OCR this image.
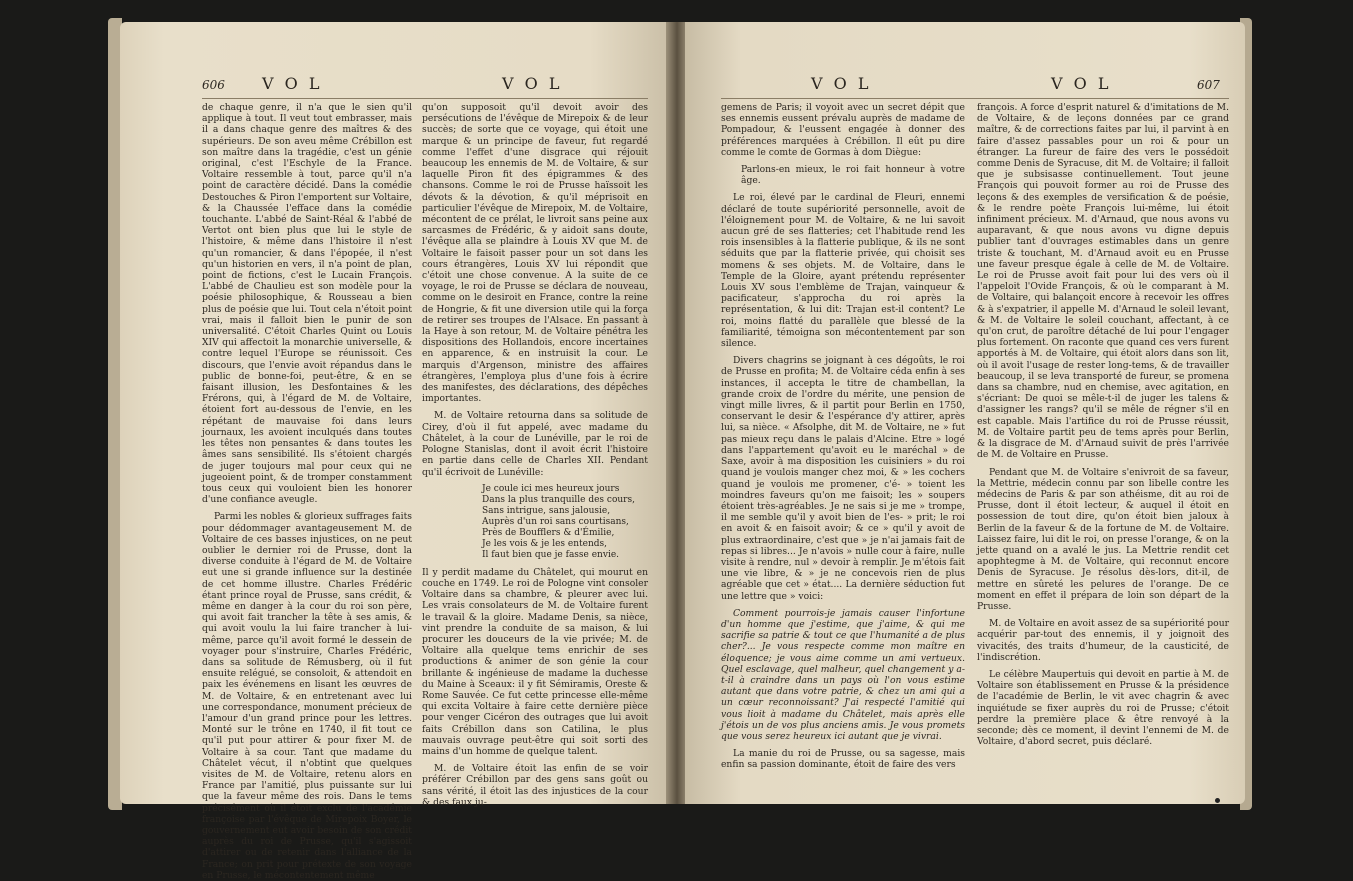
606 V O L	V O L

de chaque genre, il n'a que le sien qu'il applique à tout. Il veut tout embrasser, mais il a dans chaque genre des maîtres & des supérieurs. De son aveu même Crébillon est son maître dans la tragédie, c'est un génie original, c'est l'Eschyle de la France. Voltaire ressemble à tout, parce qu'il n'a point de caractère décidé. Dans la comédie Destouches & Piron l'emportent sur Voltaire, & la Chaussée l'efface dans la comédie touchante. L'abbé de Saint-Réal & l'abbé de Vertot ont bien plus que lui le style de l'histoire, & même dans l'histoire il n'est qu'un romancier, & dans l'épopée, il n'est qu'un historien en vers, il n'a point de plan, point de fictions, c'est le Lucain François. L'abbé de Chaulieu est son modèle pour la poésie philosophique, & Rousseau a bien plus de poésie que lui. Tout cela n'étoit point vrai, mais il falloit bien le punir de son universalité. C'étoit Charles Quint ou Louis XIV qui affectoit la monarchie universelle, & contre lequel l'Europe se réunissoit. Ces discours, que l'envie avoit répandus dans le public de bonne-foi, peut-être, & en se faisant illusion, les Desfontaines & les Frérons, qui, à l'égard de M. de Voltaire, étoient fort au-dessous de l'envie, en les répétant de mauvaise foi dans leurs journaux, les avoient inculqués dans toutes les têtes non pensantes & dans toutes les âmes sans sensibilité. Ils s'étoient chargés de juger toujours mal pour ceux qui ne jugeoient point, & de tromper constamment tous ceux qui vouloient bien les honorer d'une confiance aveugle.

Parmi les nobles & glorieux suffrages faits pour dédommager avantageusement M. de Voltaire de ces basses injustices, on ne peut oublier le dernier roi de Prusse, dont la diverse conduite à l'égard de M. de Voltaire eut une si grande influence sur la destinée de cet homme illustre. Charles Frédéric étant prince royal de Prusse, sans crédit, & même en danger à la cour du roi son père, qui avoit fait trancher la tête à ses amis, & qui avoit voulu la lui faire trancher à lui-même, parce qu'il avoit formé le dessein de voyager pour s'instruire, Charles Frédéric, dans sa solitude de Rémusberg, où il fut ensuite relégué, se consoloit, & attendoit en paix les événemens en lisant les œuvres de M. de Voltaire, & en entretenant avec lui une correspondance, monument précieux de l'amour d'un grand prince pour les lettres. Monté sur le trône en 1740, il fit tout ce qu'il put pour attirer & pour fixer M. de Voltaire à sa cour. Tant que madame du Châtelet vécut, il n'obtint que quelques visites de M. de Voltaire, retenu alors en France par l'amitié, plus puissante sur lui que la faveur même des rois. Dans le tems précisément où il étoit exclu de l'académie françoise par l'évêque de Mirepoix Boyer, le gouvernement eut avoir besoin de son crédit auprès du roi de Prusse, qu'il s'agissoit d'attirer ou de retenir dans l'alliance de la France; on prit pour prétexte de son voyage en Prusse, le mécontentement même

qu'on supposoit qu'il devoit avoir des persécutions de l'évêque de Mirepoix & de leur succès; de sorte que ce voyage, qui étoit une marque & un principe de faveur, fut regardé comme l'effet d'une disgrace qui réjouit beaucoup les ennemis de M. de Voltaire, & sur laquelle Piron fit des épigrammes & des chansons. Comme le roi de Prusse haïssoit les dévots & la dévotion, & qu'il méprisoit en particulier l'évêque de Mirepoix, M. de Voltaire, mécontent de ce prélat, le livroit sans peine aux sarcasmes de Frédéric, & y aidoit sans doute, l'évêque alla se plaindre à Louis XV que M. de Voltaire le faisoit passer pour un sot dans les cours étrangères, Louis XV lui répondit que c'étoit une chose convenue. A la suite de ce voyage, le roi de Prusse se déclara de nouveau, comme on le desiroit en France, contre la reine de Hongrie, & fit une diversion utile qui la força de retirer ses troupes de l'Alsace. En passant à la Haye à son retour, M. de Voltaire pénétra les dispositions des Hollandois, encore incertaines en apparence, & en instruisit la cour. Le marquis d'Argenson, ministre des affaires étrangères, l'employa plus d'une fois à écrire des manifestes, des déclarations, des dépêches importantes.

M. de Voltaire retourna dans sa solitude de Cirey, d'où il fut appelé, avec madame du Châtelet, à la cour de Lunéville, par le roi de Pologne Stanislas, dont il avoit écrit l'histoire en partie dans celle de Charles XII. Pendant qu'il écrivoit de Lunéville:

Je coule ici mes heureux jours
Dans la plus tranquille des cours,
Sans intrigue, sans jalousie,
Auprès d'un roi sans courtisans,
Près de Boufflers & d'Émilie,
Je les vois & je les entends,
Il faut bien que je fasse envie.

Il y perdit madame du Châtelet, qui mourut en couche en 1749. Le roi de Pologne vint consoler Voltaire dans sa chambre, & pleurer avec lui. Les vrais consolateurs de M. de Voltaire furent le travail & la gloire. Madame Denis, sa nièce, vint prendre la conduite de sa maison, & lui procurer les douceurs de la vie privée; M. de Voltaire alla quelque tems enrichir de ses productions & animer de son génie la cour brillante & ingénieuse de madame la duchesse du Maine à Sceaux: il y fit Sémiramis, Oreste & Rome Sauvée. Ce fut cette princesse elle-même qui excita Voltaire à faire cette dernière pièce pour venger Cicéron des outrages que lui avoit faits Crébillon dans son Catilina, le plus mauvais ouvrage peut-être qui soit sorti des mains d'un homme de quelque talent.

M. de Voltaire étoit las enfin de se voir préférer Crébillon par des gens sans goût ou sans vérité, il étoit las des injustices de la cour & des faux ju-

V O L	V O L	607

gemens de Paris; il voyoit avec un secret dépit que ses ennemis eussent prévalu auprès de madame de Pompadour, & l'eussent engagée à donner des préférences marquées à Crébillon. Il eût pu dire comme le comte de Gormas à dom Diègue:

Parlons-en mieux, le roi fait honneur à votre âge.

Le roi, élevé par le cardinal de Fleuri, ennemi déclaré de toute supériorité personnelle, avoit de l'éloignement pour M. de Voltaire, & ne lui savoit aucun gré de ses flatteries; cet l'habitude rend les rois insensibles à la flatterie publique, & ils ne sont séduits que par la flatterie privée, qui choisit ses momens & ses objets. M. de Voltaire, dans le Temple de la Gloire, ayant prétendu représenter Louis XV sous l'emblème de Trajan, vainqueur & pacificateur, s'approcha du roi après la représentation, & lui dit: Trajan est-il content? Le roi, moins flatté du parallèle que blessé de la familiarité, témoigna son mécontentement par son silence.

Divers chagrins se joignant à ces dégoûts, le roi de Prusse en profita; M. de Voltaire céda enfin à ses instances, il accepta le titre de chambellan, la grande croix de l'ordre du mérite, une pension de vingt mille livres, & il partit pour Berlin en 1750, conservant le desir & l'espérance d'y attirer, après lui, sa nièce. « Afsolphe, dit M. de Voltaire, ne » fut pas mieux reçu dans le palais d'Alcine. Etre » logé dans l'appartement qu'avoit eu le maréchal » de Saxe, avoir à ma disposition les cuisiniers » du roi quand je voulois manger chez moi, & » les cochers quand je voulois me promener, c'é- » toient les moindres faveurs qu'on me faisoit; les » soupers étoient très-agréables. Je ne sais si je me » trompe, il me semble qu'il y avoit bien de l'es- » prit; le roi en avoit & en faisoit avoir; & ce » qu'il y avoit de plus extraordinaire, c'est que » je n'ai jamais fait de repas si libres... Je n'avois » nulle cour à faire, nulle visite à rendre, nul » devoir à remplir. Je m'étois fait une vie libre, & » je ne concevois rien de plus agréable que cet » état.... La dernière séduction fut une lettre que » voici:

Comment pourrois-je jamais causer l'infortune d'un homme que j'estime, que j'aime, & qui me sacrifie sa patrie & tout ce que l'humanité a de plus cher?... Je vous respecte comme mon maître en éloquence; je vous aime comme un ami vertueux. Quel esclavage, quel malheur, quel changement y a-t-il à craindre dans un pays où l'on vous estime autant que dans votre patrie, & chez un ami qui a un cœur reconnoissant? J'ai respecté l'amitié qui vous lioit à madame du Châtelet, mais après elle j'étois un de vos plus anciens amis. Je vous promets que vous serez heureux ici autant que je vivrai.

La manie du roi de Prusse, ou sa sagesse, mais enfin sa passion dominante, étoit de faire des vers

françois. A force d'esprit naturel & d'imitations de M. de Voltaire, & de leçons données par ce grand maître, & de corrections faites par lui, il parvint à en faire d'assez passables pour un roi & pour un étranger. La fureur de faire des vers le possédoit comme Denis de Syracuse, dit M. de Voltaire; il falloit que je subsisasse continuellement. Tout jeune François qui pouvoit former au roi de Prusse des leçons & des exemples de versification & de poésie, & le rendre poète François lui-même, lui étoit infiniment précieux. M. d'Arnaud, que nous avons vu auparavant, & que nous avons vu digne depuis publier tant d'ouvrages estimables dans un genre triste & touchant, M. d'Arnaud avoit eu en Prusse une faveur presque égale à celle de M. de Voltaire. Le roi de Prusse avoit fait pour lui des vers où il l'appeloit l'Ovide François, & où le comparant à M. de Voltaire, qui balançoit encore à recevoir les offres & à s'expatrier, il appelle M. d'Arnaud le soleil levant, & M. de Voltaire le soleil couchant, affectant, à ce qu'on crut, de paroître détaché de lui pour l'engager plus fortement. On raconte que quand ces vers furent apportés à M. de Voltaire, qui étoit alors dans son lit, où il avoit l'usage de rester long-tems, & de travailler beaucoup, il se leva transporté de fureur, se promena dans sa chambre, nud en chemise, avec agitation, en s'écriant: De quoi se mêle-t-il de juger les talens & d'assigner les rangs? qu'il se mêle de régner s'il en est capable. Mais l'artifice du roi de Prusse réussit, M. de Voltaire partit peu de tems après pour Berlin, & la disgrace de M. d'Arnaud suivit de près l'arrivée de M. de Voltaire en Prusse.

Pendant que M. de Voltaire s'enivroit de sa faveur, la Mettrie, médecin connu par son libelle contre les médecins de Paris & par son athéisme, dit au roi de Prusse, dont il étoit lecteur, & auquel il étoit en possession de tout dire, qu'on étoit bien jaloux à Berlin de la faveur & de la fortune de M. de Voltaire. Laissez faire, lui dit le roi, on presse l'orange, & on la jette quand on a avalé le jus. La Mettrie rendit cet apophtegme à M. de Voltaire, qui reconnut encore Denis de Syracuse. Je résolus dès-lors, dit-il, de mettre en sûreté les pelures de l'orange. De ce moment en effet il prépara de loin son départ de la Prusse.

M. de Voltaire en avoit assez de sa supériorité pour acquérir par-tout des ennemis, il y joignoit des vivacités, des traits d'humeur, de la causticité, de l'indiscrétion.

Le célèbre Maupertuis qui devoit en partie à M. de Voltaire son établissement en Prusse & la présidence de l'académie de Berlin, le vit avec chagrin & avec inquiétude se fixer auprès du roi de Prusse; c'étoit perdre la première place & être renvoyé à la seconde; dès ce moment, il devint l'ennemi de M. de Voltaire, d'abord secret, puis déclaré.
